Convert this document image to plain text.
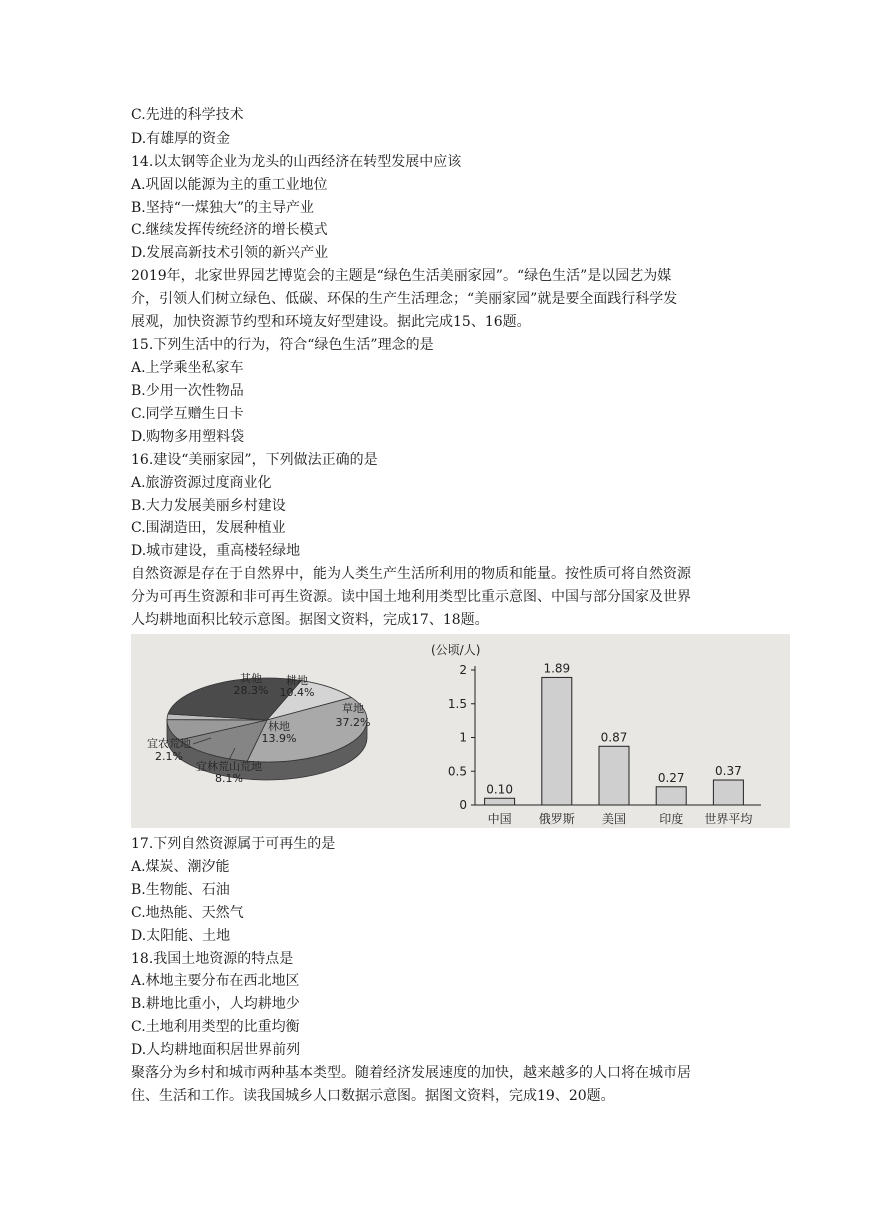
C.先进的科学技术
D.有雄厚的资金
14.以太钢等企业为龙头的山西经济在转型发展中应该
A.巩固以能源为主的重工业地位
B.坚持“一煤独大”的主导产业
C.继续发挥传统经济的增长模式
D.发展高新技术引领的新兴产业
2019年，北家世界园艺博览会的主题是“绿色生活美丽家园”。“绿色生活”是以园艺为媒
介，引领人们树立绿色、低碳、环保的生产生活理念；“美丽家园”就是要全面践行科学发
展观，加快资源节约型和环境友好型建设。据此完成15、16题。
15.下列生活中的行为，符合“绿色生活”理念的是
A.上学乘坐私家车
B.少用一次性物品
C.同学互赠生日卡
D.购物多用塑料袋
16.建设“美丽家园”，下列做法正确的是
A.旅游资源过度商业化
B.大力发展美丽乡村建设
C.围湖造田，发展种植业
D.城市建设，重高楼轻绿地
自然资源是存在于自然界中，能为人类生产生活所利用的物质和能量。按性质可将自然资源
分为可再生资源和非可再生资源。读中国土地利用类型比重示意图、中国与部分国家及世界
人均耕地面积比较示意图。据图文资料，完成17、18题。
其他
28.3%
耕地
10.4%
草地
37.2%
林地
13.9%
宜农荒地
2.1%
宜林荒山荒地
8.1%
(公顷/人)
0
0.5
1
1.5
2
0.10
中国
1.89
俄罗斯
0.87
美国
0.27
印度
0.37
世界平均
17.下列自然资源属于可再生的是
A.煤炭、潮汐能
B.生物能、石油
C.地热能、天然气
D.太阳能、土地
18.我国土地资源的特点是
A.林地主要分布在西北地区
B.耕地比重小，人均耕地少
C.土地利用类型的比重均衡
D.人均耕地面积居世界前列
聚落分为乡村和城市两种基本类型。随着经济发展速度的加快，越来越多的人口将在城市居
住、生活和工作。读我国城乡人口数据示意图。据图文资料，完成19、20题。
